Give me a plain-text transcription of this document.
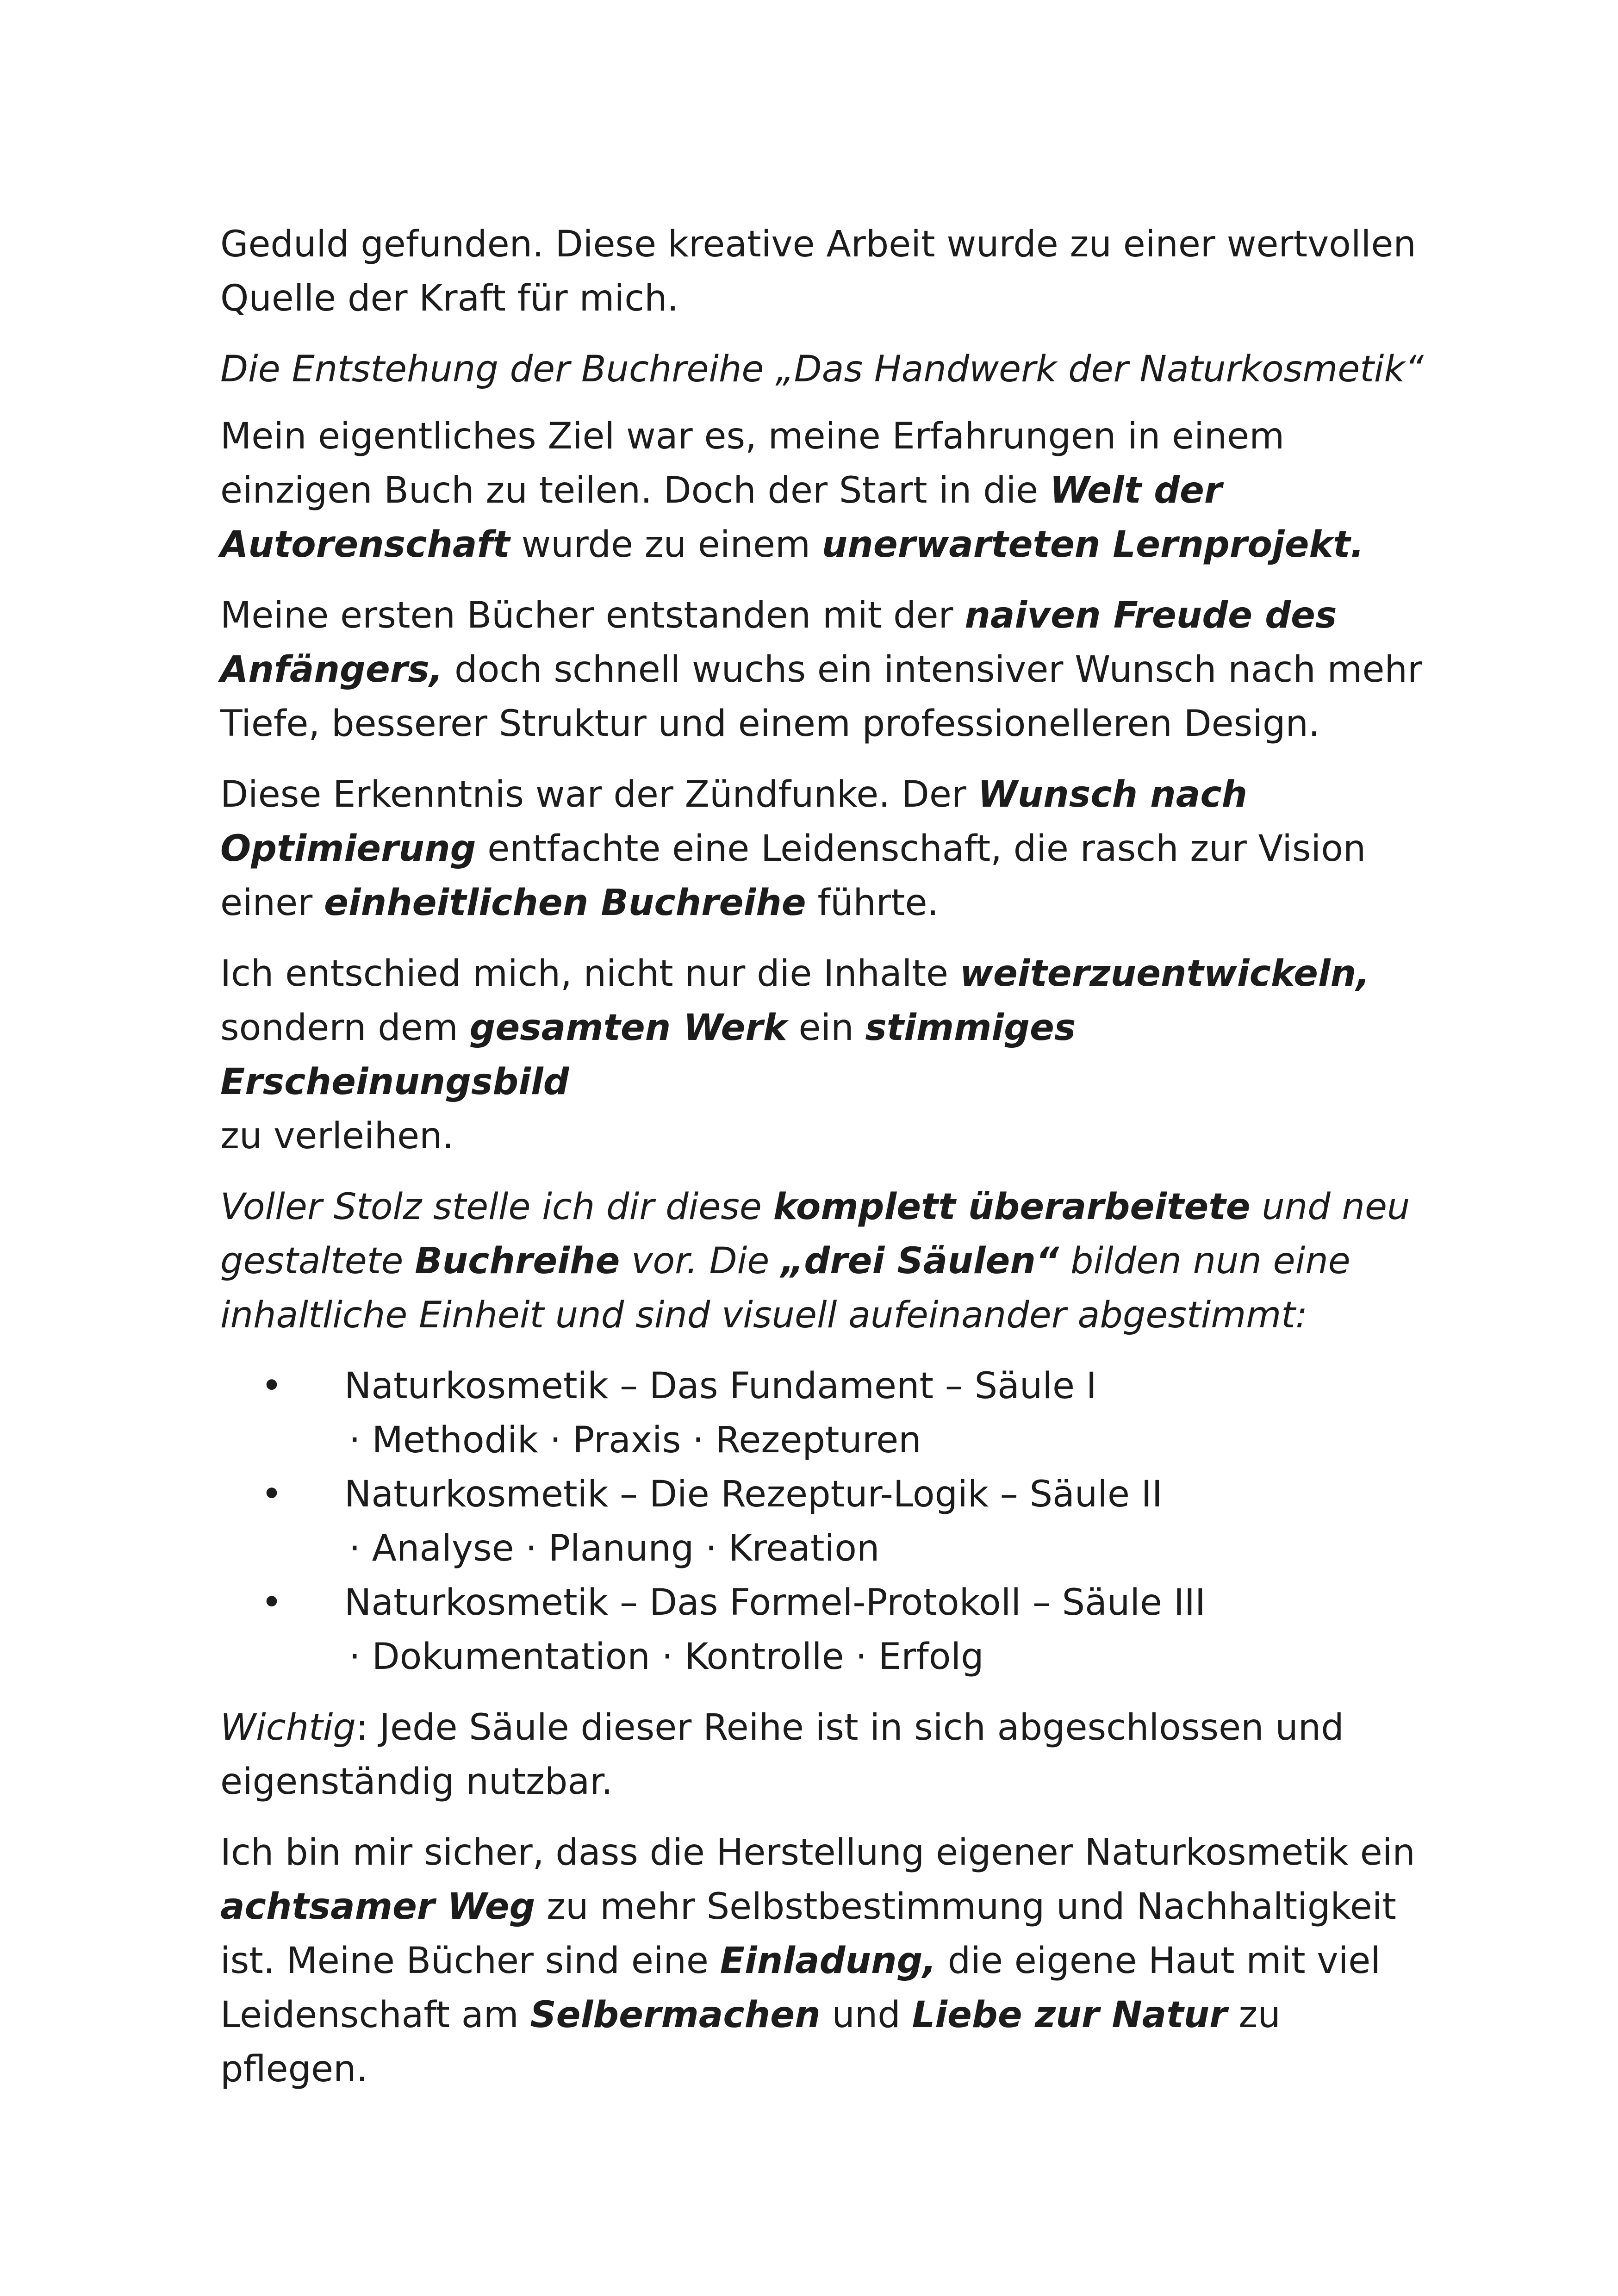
Geduld gefunden. Diese kreative Arbeit wurde zu einer wertvollen
Quelle der Kraft für mich.

Die Entstehung der Buchreihe „Das Handwerk der Naturkosmetik“

Mein eigentliches Ziel war es, meine Erfahrungen in einem einzigen Buch zu teilen. Doch der Start in die Welt der Autorenschaft wurde zu einem unerwarteten Lernprojekt.

Meine ersten Bücher entstanden mit der naiven Freude des Anfängers, doch schnell wuchs ein intensiver Wunsch nach mehr Tiefe, besserer Struktur und einem professionelleren Design.

Diese Erkenntnis war der Zündfunke. Der Wunsch nach Optimierung entfachte eine Leidenschaft, die rasch zur Vision einer einheitlichen Buchreihe führte.

Ich entschied mich, nicht nur die Inhalte weiterzuentwickeln,
sondern dem gesamten Werk ein stimmiges Erscheinungsbild
zu verleihen.

Voller Stolz stelle ich dir diese komplett überarbeitete und neu gestaltete Buchreihe vor. Die „drei Säulen“ bilden nun eine inhaltliche Einheit und sind visuell aufeinander abgestimmt:

• Naturkosmetik – Das Fundament – Säule I
· Methodik · Praxis · Rezepturen
• Naturkosmetik – Die Rezeptur-Logik – Säule II
· Analyse · Planung · Kreation
• Naturkosmetik – Das Formel-Protokoll – Säule III
· Dokumentation · Kontrolle · Erfolg

Wichtig: Jede Säule dieser Reihe ist in sich abgeschlossen und eigenständig nutzbar.

Ich bin mir sicher, dass die Herstellung eigener Naturkosmetik ein achtsamer Weg zu mehr Selbstbestimmung und Nachhaltigkeit ist. Meine Bücher sind eine Einladung, die eigene Haut mit viel Leidenschaft am Selbermachen und Liebe zur Natur zu pflegen.
